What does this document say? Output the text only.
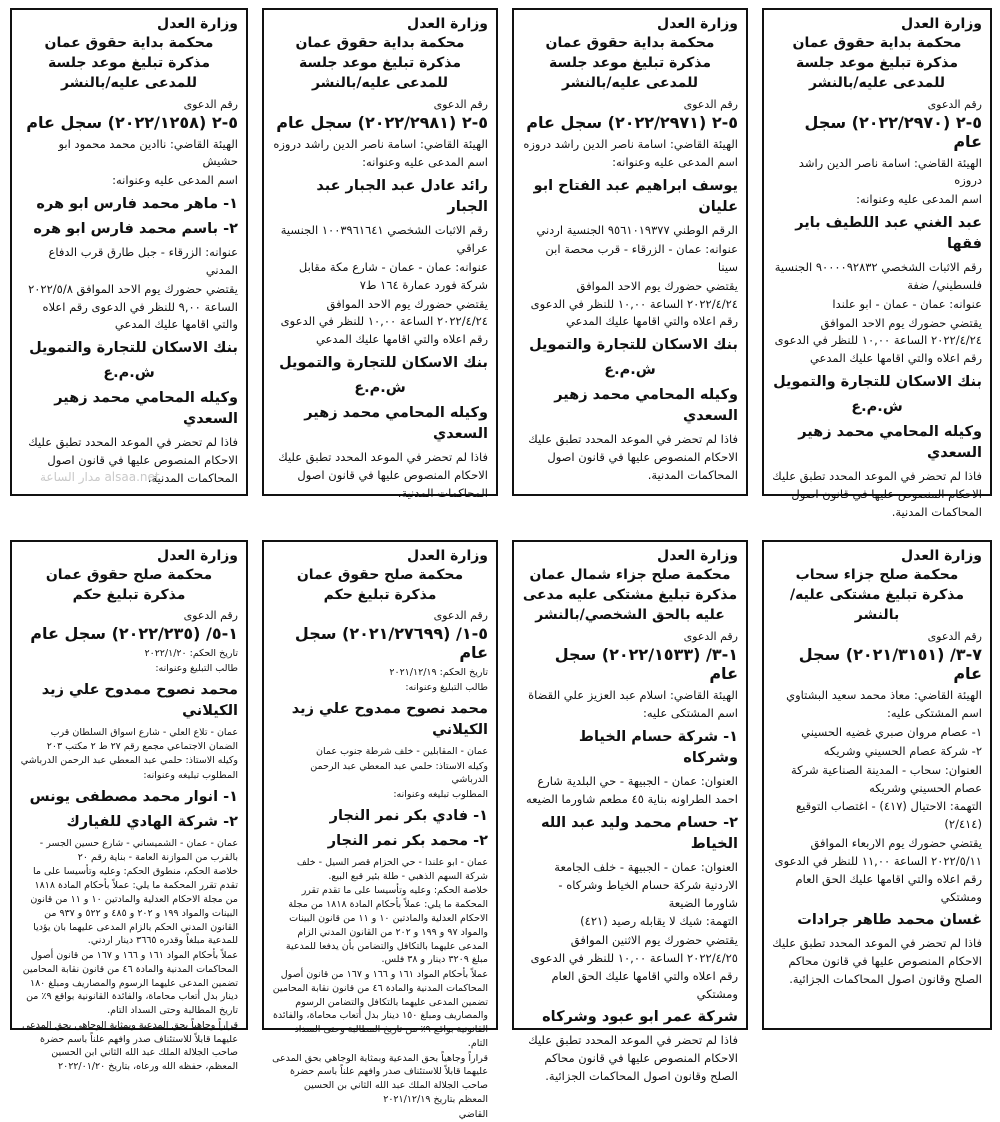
وزارة العدل
محكمة بداية حقوق عمان
مذكرة تبليغ موعد جلسة للمدعى عليه/بالنشر
رقم الدعوى
٥-٢ (٢٠٢٢/٢٩٧٠) سجل عام

الهيئة القاضي: اسامة ناصر الدين راشد دروزه

اسم المدعى عليه وعنوانه:

عبد الغني عبد اللطيف باير فقها

رقم الاثبات الشخصي ٩٠٠٠٠٩٢٨٣٢ الجنسية فلسطيني/ ضفة

عنوانه: عمان - عمان - ابو علندا

يقتضي حضورك يوم الاحد الموافق ٢٠٢٢/٤/٢٤ الساعة ١٠,٠٠ للنظر في الدعوى رقم اعلاه والتي اقامها عليك المدعي

بنك الاسكان للتجارة والتمويل

ش.م.ع

وكيله المحامي محمد زهير السعدي

فاذا لم تحضر في الموعد المحدد تطبق عليك الاحكام المنصوص عليها في قانون اصول المحاكمات المدنية.

وزارة العدل
محكمة بداية حقوق عمان
مذكرة تبليغ موعد جلسة للمدعى عليه/بالنشر
رقم الدعوى
٥-٢ (٢٠٢٢/٢٩٧١) سجل عام

الهيئة القاضي: اسامة ناصر الدين راشد دروزه

اسم المدعى عليه وعنوانه:

يوسف ابراهيم عبد الفتاح ابو عليان

الرقم الوطني ٩٥٦١٠١٩٣٧٧ الجنسية اردني

عنوانه: عمان - الزرقاء - قرب محصة ابن سينا

يقتضي حضورك يوم الاحد الموافق ٢٠٢٢/٤/٢٤ الساعة ١٠,٠٠ للنظر في الدعوى رقم اعلاه والتي اقامها عليك المدعي

بنك الاسكان للتجارة والتمويل

ش.م.ع

وكيله المحامي محمد زهير السعدي

فاذا لم تحضر في الموعد المحدد تطبق عليك الاحكام المنصوص عليها في قانون اصول المحاكمات المدنية.

وزارة العدل
محكمة بداية حقوق عمان
مذكرة تبليغ موعد جلسة للمدعى عليه/بالنشر
رقم الدعوى
٥-٢ (٢٠٢٢/٢٩٨١) سجل عام

الهيئة القاضي: اسامة ناصر الدين راشد دروزه

اسم المدعى عليه وعنوانه:

رائد عادل عبد الجبار عبد الجبار

رقم الاثبات الشخصي ١٠٠٣٩٦١٦٤١ الجنسية عراقي

عنوانه: عمان - عمان - شارع مكة مقابل شركة فورد عمارة ١٦٤ ط٧

يقتضي حضورك يوم الاحد الموافق ٢٠٢٢/٤/٢٤ الساعة ١٠,٠٠ للنظر في الدعوى رقم اعلاه والتي اقامها عليك المدعي

بنك الاسكان للتجارة والتمويل

ش.م.ع

وكيله المحامي محمد زهير السعدي

فاذا لم تحضر في الموعد المحدد تطبق عليك الاحكام المنصوص عليها في قانون اصول المحاكمات المدنية.

وزارة العدل
محكمة بداية حقوق عمان
مذكرة تبليغ موعد جلسة للمدعى عليه/بالنشر
رقم الدعوى
٥-٢ (٢٠٢٢/١٢٥٨) سجل عام

الهيئة القاضي: ناادين محمد محمود ابو حشيش

اسم المدعى عليه وعنوانه:

١- ماهر محمد فارس ابو هره

٢- باسم محمد فارس ابو هره

عنوانه: الزرقاء - جبل طارق قرب الدفاع المدني

يقتضي حضورك يوم الاحد الموافق ٢٠٢٢/٥/٨ الساعة ٩,٠٠ للنظر في الدعوى رقم اعلاه والتي اقامها عليك المدعي

بنك الاسكان للتجارة والتمويل

ش.م.ع

وكيله المحامي محمد زهير السعدي

فاذا لم تحضر في الموعد المحدد تطبق عليك الاحكام المنصوص عليها في قانون اصول المحاكمات المدنية.

وزارة العدل
محكمة صلح جزاء سحاب
مذكرة تبليغ مشتكى عليه/بالنشر
رقم الدعوى
٧-٣/ (٢٠٢١/٣١٥١) سجل عام

الهيئة القاضي: معاذ محمد سعيد البشتاوي

اسم المشتكى عليه:

١- عصام مروان صبري غضيه الحسيني

٢- شركة عصام الحسيني وشريكه

العنوان: سحاب - المدينة الصناعية شركة عصام الحسيني وشريكه

التهمة: الاحتيال (٤١٧) - اغتصاب التوقيع (٢/٤١٤)

يقتضي حضورك يوم الاربعاء الموافق ٢٠٢٢/٥/١١ الساعة ١١,٠٠ للنظر في الدعوى رقم اعلاه والتي اقامها عليك الحق العام ومشتكي

غسان محمد طاهر جرادات

فاذا لم تحضر في الموعد المحدد تطبق عليك الاحكام المنصوص عليها في قانون محاكم الصلح وقانون اصول المحاكمات الجزائية.

وزارة العدل
محكمة صلح جزاء شمال عمان
مذكرة تبليغ مشتكى عليه مدعى عليه بالحق الشخصي/بالنشر
رقم الدعوى
١-٣/ (٢٠٢٢/١٥٣٣) سجل عام

الهيئة القاضي: اسلام عبد العزيز علي القضاة

اسم المشتكى عليه:

١- شركة حسام الخياط وشركاه

العنوان: عمان - الجبيهة - حي البلدية شارع احمد الطراونه بناية ٤٥ مطعم شاورما الضيعه

٢- حسام محمد وليد عبد الله الخياط

العنوان: عمان - الجبيهة - خلف الجامعة الاردنية شركة حسام الخياط وشركاه - شاورما الضيعة

التهمة: شيك لا يقابله رصيد (٤٢١)

يقتضي حضورك يوم الاثنين الموافق ٢٠٢٢/٤/٢٥ الساعة ١٠,٠٠ للنظر في الدعوى رقم اعلاه والتي اقامها عليك الحق العام ومشتكي

شركة عمر ابو عبود وشركاه

فاذا لم تحضر في الموعد المحدد تطبق عليك الاحكام المنصوص عليها في قانون محاكم الصلح وقانون اصول المحاكمات الجزائية.

وزارة العدل
محكمة صلح حقوق عمان
مذكرة تبليغ حكم
رقم الدعوى
٥-١/ (٢٠٢١/٢٧٦٩٩) سجل عام

تاريخ الحكم: ٢٠٢١/١٢/١٩

طالب التبليغ وعنوانه:

محمد نصوح ممدوح علي زيد الكيلاني

عمان - المقابلين - خلف شرطة جنوب عمان

وكيله الاستاذ: حلمي عبد المعطي عبد الرحمن الدرباشي

المطلوب تبليغه وعنوانه:

١- فادي بكر نمر النجار

٢- محمد بكر نمر النجار

عمان - ابو علندا - حي الحزام قصر السيل - خلف شركة السهم الذهبي - طلة بئير قبع البيع.

خلاصة الحكم: وعليه وتأسيسا على ما تقدم تقرر المحكمة ما يلي: عملاً بأحكام المادة ١٨١٨ من مجلة الاحكام العدلية والمادتين ١٠ و ١١ من قانون البينات والمواد ٩٧ و ١٩٩ و ٢٠٢ من القانون المدني الزام المدعى عليهما بالتكافل والتضامن بأن يدفعا للمدعية مبلغ ٣٢٠٩ دينار و ٣٨ فلس.

عملاً بأحكام المواد ١٦١ و ١٦٦ و ١٦٧ من قانون أصول المحاكمات المدنية والمادة ٤٦ من قانون نقابة المحامين تضمين المدعى عليهما بالتكافل والتضامن الرسوم والمصاريف ومبلغ ١٥٠ دينار بدل أتعاب محاماة، والفائدة القانونية بواقع ٩٪ من تاريخ المطالبة وحتى السداد التام.

قراراً وجاهياً بحق المدعية وبمثابة الوجاهي بحق المدعى عليهما قابلاً للاستئناف صدر وافهم علناً باسم حضرة صاحب الجلالة الملك عبد الله الثاني بن الحسين المعظم بتاريخ ٢٠٢١/١٢/١٩

القاضي

وزارة العدل
محكمة صلح حقوق عمان
مذكرة تبليغ حكم
رقم الدعوى
١-٥/ (٢٠٢٢/٢٣٥) سجل عام

تاريخ الحكم: ٢٠٢٢/١/٢٠

طالب التبليغ وعنوانه:

محمد نصوح ممدوح علي زيد الكيلاني

عمان - تلاع العلي - شارع اسواق السلطان قرب الضمان الاجتماعي مجمع رقم ٢٧ ط ٢ مكتب ٢٠٣

وكيله الاستاذ: حلمي عبد المعطي عبد الرحمن الدرباشي

المطلوب تبليغه وعنوانه:

١- انوار محمد مصطفى يونس

٢- شركة الهادي للفيارك

عمان - عمان - الشميساني - شارع حسين الجسر - بالقرب من الموازنة العامة - بناية رقم ٢٠

خلاصة الحكم، منطوق الحكم: وعليه وتأسيسا على ما تقدم تقرر المحكمة ما يلي: عملاً بأحكام المادة ١٨١٨ من مجلة الاحكام العدلية والمادتين ١٠ و ١١ من قانون البينات والمواد ١٩٩ و ٢٠٢ و ٤٨٥ و ٥٢٢ و ٩٣٧ من القانون المدني الحكم بالزام المدعى عليهما بان يؤديا للمدعية مبلغاً وقدره ٣٦٦٥ دينار اردني.

عملاً بأحكام المواد ١٦١ و ١٦٦ و ١٦٧ من قانون أصول المحاكمات المدنية والمادة ٤٦ من قانون نقابة المحامين تضمين المدعى عليهما الرسوم والمصاريف ومبلغ ١٨٠ دينار بدل أتعاب محاماة، والفائدة القانونية بواقع ٩٪ من تاريخ المطالبة وحتى السداد التام.

قراراً وجاهياً بحق المدعية وبمثابة الوجاهي بحق المدعى عليهما قابلاً للاستئناف صدر وافهم علناً باسم حضرة صاحب الجلالة الملك عبد الله الثاني ابن الحسين المعظم، حفظه الله ورعاه، بتاريخ ٢٠٢٢/٠١/٢٠

مدار الساعة alsaa.net
